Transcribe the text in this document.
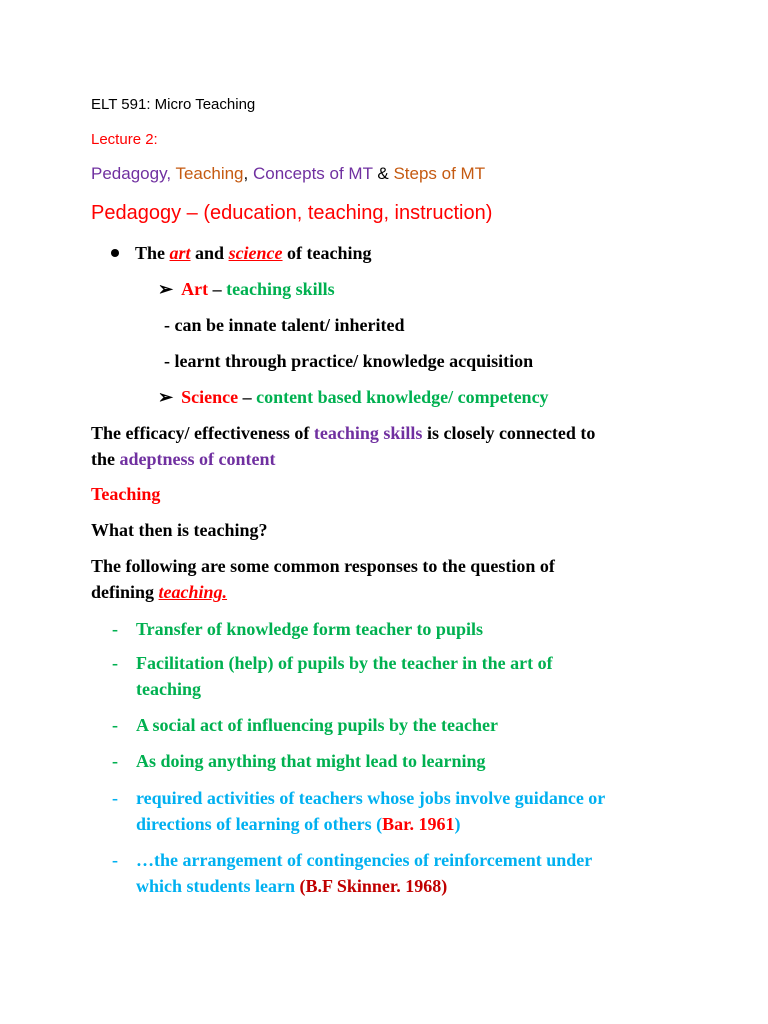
ELT 591: Micro Teaching
Lecture 2:
Pedagogy, Teaching, Concepts of MT & Steps of MT
Pedagogy – (education, teaching, instruction)
The art and science of teaching
➢ Art – teaching skills
- can be innate talent/ inherited
- learnt through practice/ knowledge acquisition
➢ Science – content based knowledge/ competency
The efficacy/ effectiveness of teaching skills is closely connected to
the adeptness of content
Teaching
What then is teaching?
The following are some common responses to the question of
defining teaching.
- Transfer of knowledge form teacher to pupils
- Facilitation (help) of pupils by the teacher in the art of
teaching
- A social act of influencing pupils by the teacher
- As doing anything that might lead to learning
- required activities of teachers whose jobs involve guidance or
directions of learning of others (Bar. 1961)
- …the arrangement of contingencies of reinforcement under
which students learn (B.F Skinner. 1968)
